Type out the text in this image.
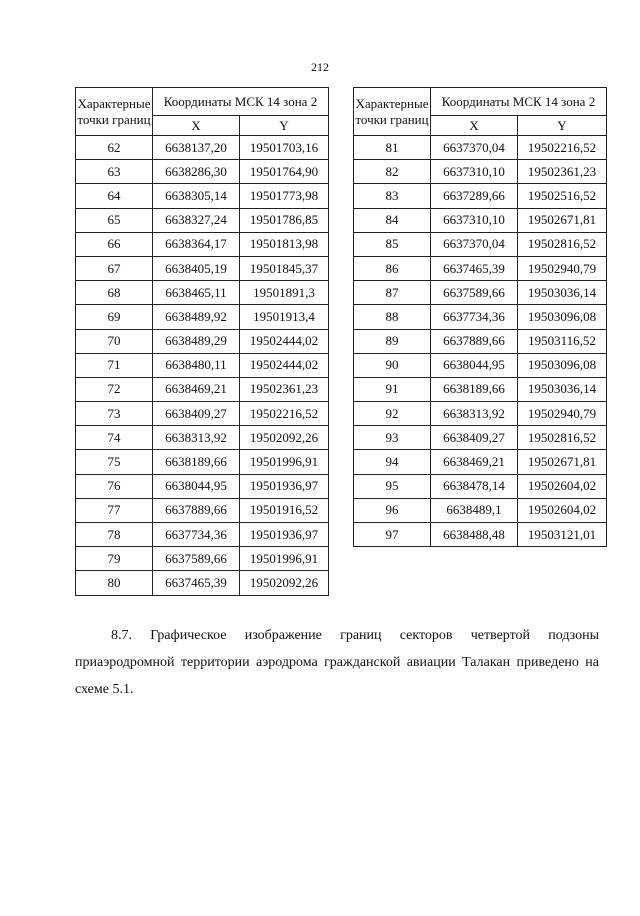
212
Характерные точки границ	Координаты МСК 14 зона 2	
	X	Y
62	6638137,20	19501703,16
63	6638286,30	19501764,90
64	6638305,14	19501773,98
65	6638327,24	19501786,85
66	6638364,17	19501813,98
67	6638405,19	19501845,37
68	6638465,11	19501891,3
69	6638489,92	19501913,4
70	6638489,29	19502444,02
71	6638480,11	19502444,02
72	6638469,21	19502361,23
73	6638409,27	19502216,52
74	6638313,92	19502092,26
75	6638189,66	19501996,91
76	6638044,95	19501936,97
77	6637889,66	19501916,52
78	6637734,36	19501936,97
79	6637589,66	19501996,91
80	6637465,39	19502092,26
Характерные точки границ	Координаты МСК 14 зона 2	
	X	Y
81	6637370,04	19502216,52
82	6637310,10	19502361,23
83	6637289,66	19502516,52
84	6637310,10	19502671,81
85	6637370,04	19502816,52
86	6637465,39	19502940,79
87	6637589,66	19503036,14
88	6637734,36	19503096,08
89	6637889,66	19503116,52
90	6638044,95	19503096,08
91	6638189,66	19503036,14
92	6638313,92	19502940,79
93	6638409,27	19502816,52
94	6638469,21	19502671,81
95	6638478,14	19502604,02
96	6638489,1	19502604,02
97	6638488,48	19503121,01
8.7. Графическое изображение границ секторов четвертой подзоны
приаэродромной территории аэродрома гражданской авиации Талакан приведено на схеме 5.1.
